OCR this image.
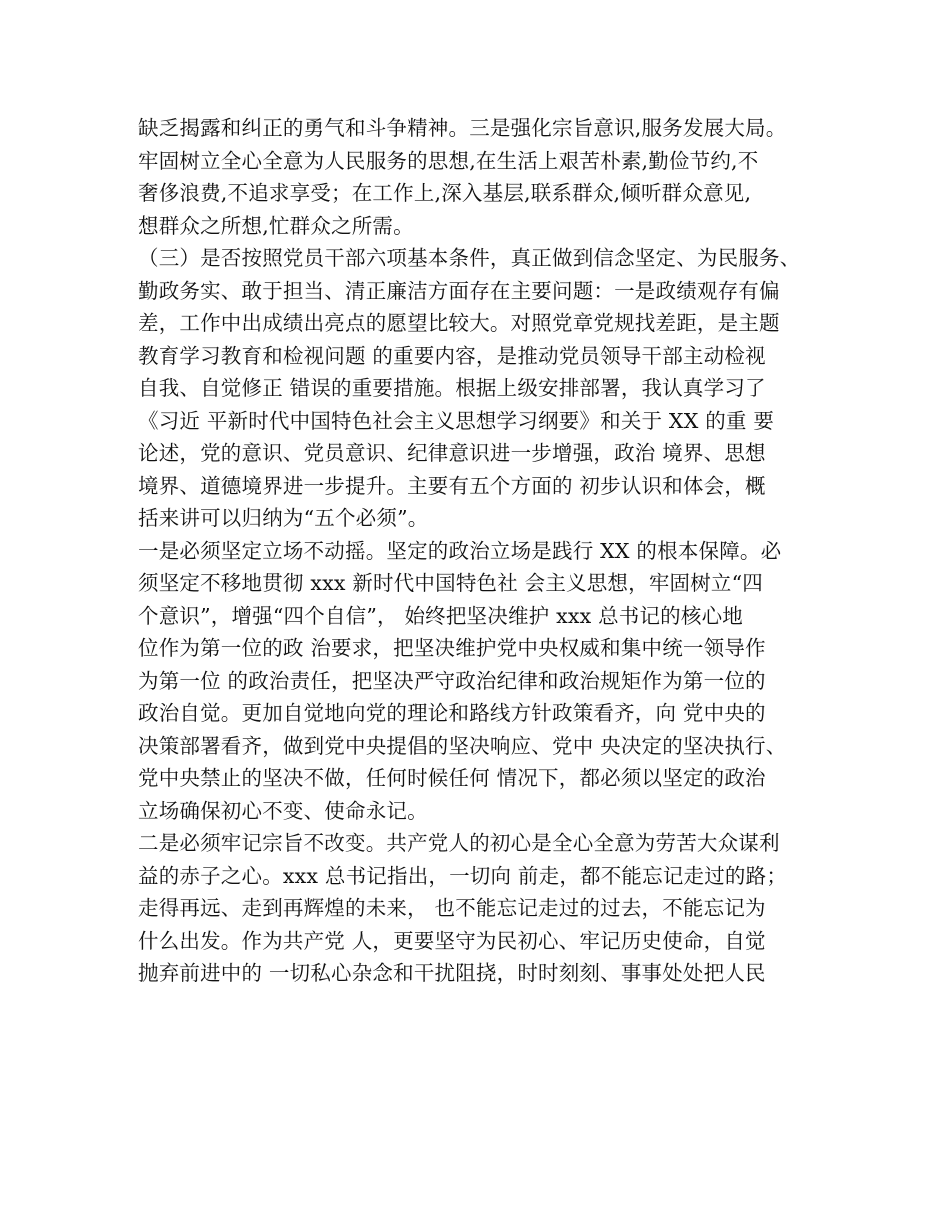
缺乏揭露和纠正的勇气和斗争精神。三是强化宗旨意识,服务发展大局。
牢固树立全心全意为人民服务的思想,在生活上艰苦朴素,勤俭节约,不
奢侈浪费,不追求享受；在工作上,深入基层,联系群众,倾听群众意见,
想群众之所想,忙群众之所需。
（三）是否按照党员干部六项基本条件，真正做到信念坚定、为民服务、
勤政务实、敢于担当、清正廉洁方面存在主要问题：一是政绩观存有偏
差，工作中出成绩出亮点的愿望比较大。对照党章党规找差距，是主题
教育学习教育和检视问题 的重要内容，是推动党员领导干部主动检视
自我、自觉修正 错误的重要措施。根据上级安排部署，我认真学习了
《习近 平新时代中国特色社会主义思想学习纲要》和关于 XX 的重 要
论述，党的意识、党员意识、纪律意识进一步增强，政治 境界、思想
境界、道德境界进一步提升。主要有五个方面的 初步认识和体会，概
括来讲可以归纳为“五个必须”。
一是必须坚定立场不动摇。坚定的政治立场是践行 XX 的根本保障。必
须坚定不移地贯彻 xxx 新时代中国特色社 会主义思想，牢固树立“四
个意识”，增强“四个自信”， 始终把坚决维护 xxx 总书记的核心地
位作为第一位的政 治要求，把坚决维护党中央权威和集中统一领导作
为第一位 的政治责任，把坚决严守政治纪律和政治规矩作为第一位的
政治自觉。更加自觉地向党的理论和路线方针政策看齐，向 党中央的
决策部署看齐，做到党中央提倡的坚决响应、党中 央决定的坚决执行、
党中央禁止的坚决不做，任何时候任何 情况下，都必须以坚定的政治
立场确保初心不变、使命永记。
二是必须牢记宗旨不改变。共产党人的初心是全心全意为劳苦大众谋利
益的赤子之心。xxx 总书记指出，一切向 前走，都不能忘记走过的路；
走得再远、走到再辉煌的未来， 也不能忘记走过的过去，不能忘记为
什么出发。作为共产党 人，更要坚守为民初心、牢记历史使命，自觉
抛弃前进中的 一切私心杂念和干扰阻挠，时时刻刻、事事处处把人民
